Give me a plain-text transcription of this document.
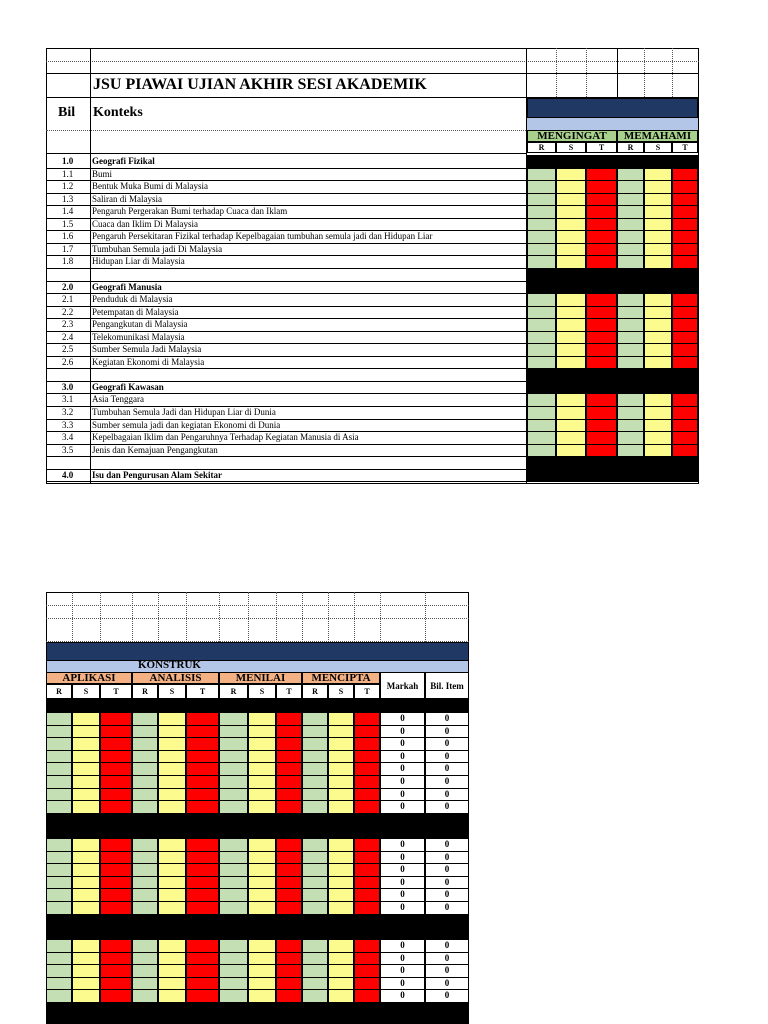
JSU PIAWAI UJIAN AKHIR SESI AKADEMIK
Bil Konteks
MENGINGAT	MEMAHAMI
R	S	T	R	S	T
1.0 Geografi Fizikal
1.1 Bumi
1.2 Bentuk Muka Bumi di Malaysia
1.3 Saliran di Malaysia
1.4 Pengaruh Pergerakan Bumi terhadap Cuaca dan Iklam
1.5 Cuaca dan Iklim Di Malaysia
1.6 Pengaruh Persekitaran Fizikal terhadap Kepelbagaian tumbuhan semula jadi dan Hidupan Liar
1.7 Tumbuhan Semula jadi Di Malaysia
1.8 Hidupan Liar di Malaysia
2.0 Geografi Manusia
2.1 Penduduk di Malaysia
2.2 Petempatan di Malaysia
2.3 Pengangkutan di Malaysia
2.4 Telekomunikasi Malaysia
2.5 Sumber Semula Jadi Malaysia
2.6 Kegiatan Ekonomi di Malaysia
3.0 Geografi Kawasan
3.1 Asia Tenggara
3.2 Tumbuhan Semula Jadi dan Hidupan Liar di Dunia
3.3 Sumber semula jadi dan kegiatan Ekonomi di Dunia
3.4 Kepelbagaian Iklim dan Pengaruhnya Terhadap Kegiatan Manusia di Asia
3.5 Jenis dan Kemajuan Pengangkutan
4.0 Isu dan Pengurusan Alam Sekitar
KONSTRUK
APLIKASI	ANALISIS	MENILAI	MENCIPTA
Markah	Bil. Item
R	S	T	R	S	T	R	S	T	R	S	T
0	0
0	0
0	0
0	0
0	0
0	0
0	0
0	0
0	0
0	0
0	0
0	0
0	0
0	0
0	0
0	0
0	0
0	0
0	0
